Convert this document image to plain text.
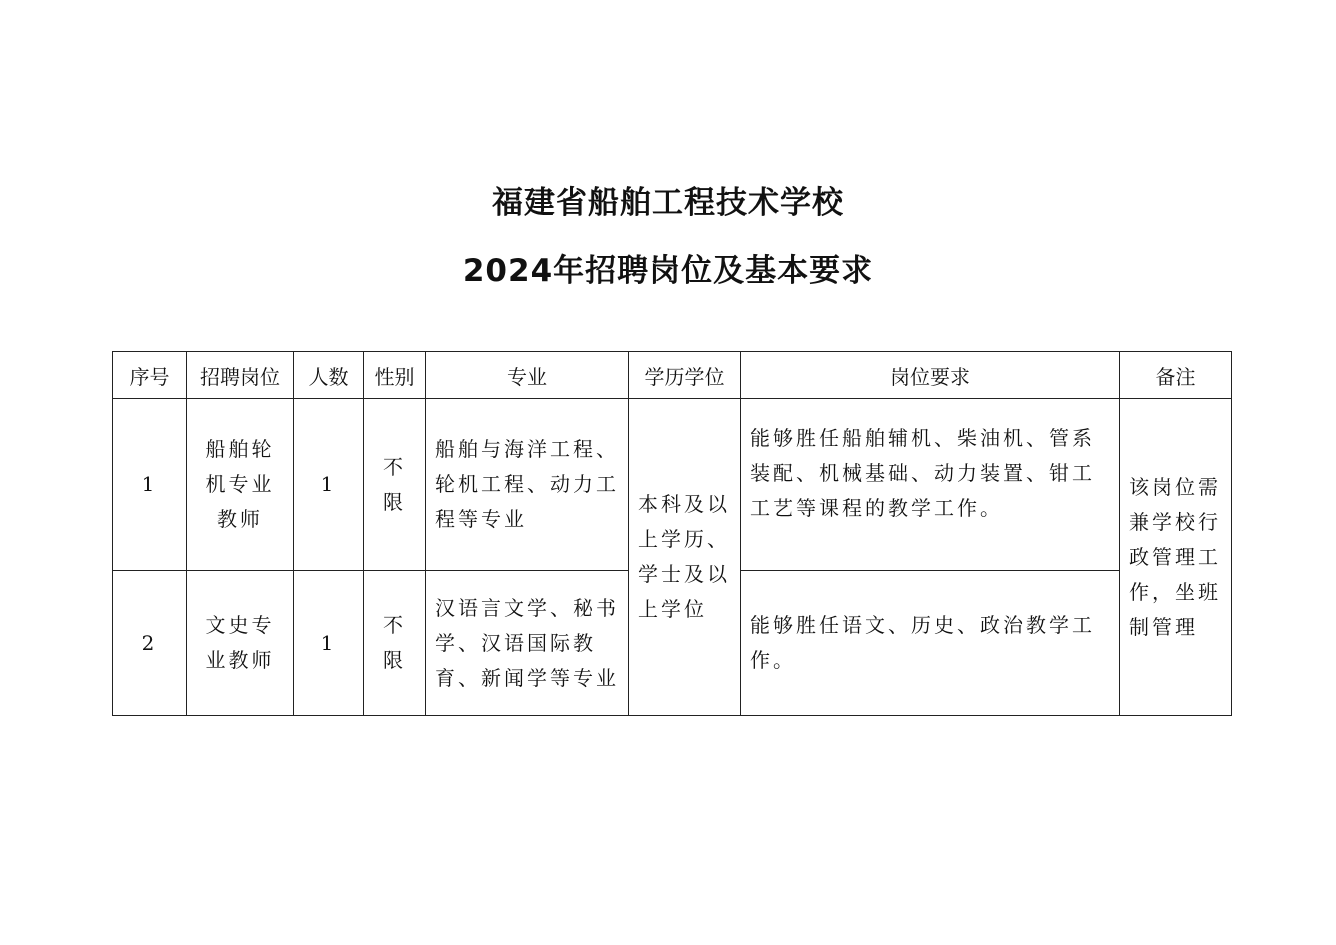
福建省船舶工程技术学校
2024年招聘岗位及基本要求
序号	招聘岗位	人数	性别	专业	学历学位	岗位要求	备注
1	船舶轮机专业教师	1	不限	船舶与海洋工程、轮机工程、动力工程等专业	本科及以上学历、学士及以上学位	能够胜任船舶辅机、柴油机、管系装配、机械基础、动力装置、钳工工艺等课程的教学工作。	该岗位需兼学校行政管理工作，坐班制管理
2	文史专业教师	1	不限	汉语言文学、秘书学、汉语国际教育、新闻学等专业		能够胜任语文、历史、政治教学工作。	
